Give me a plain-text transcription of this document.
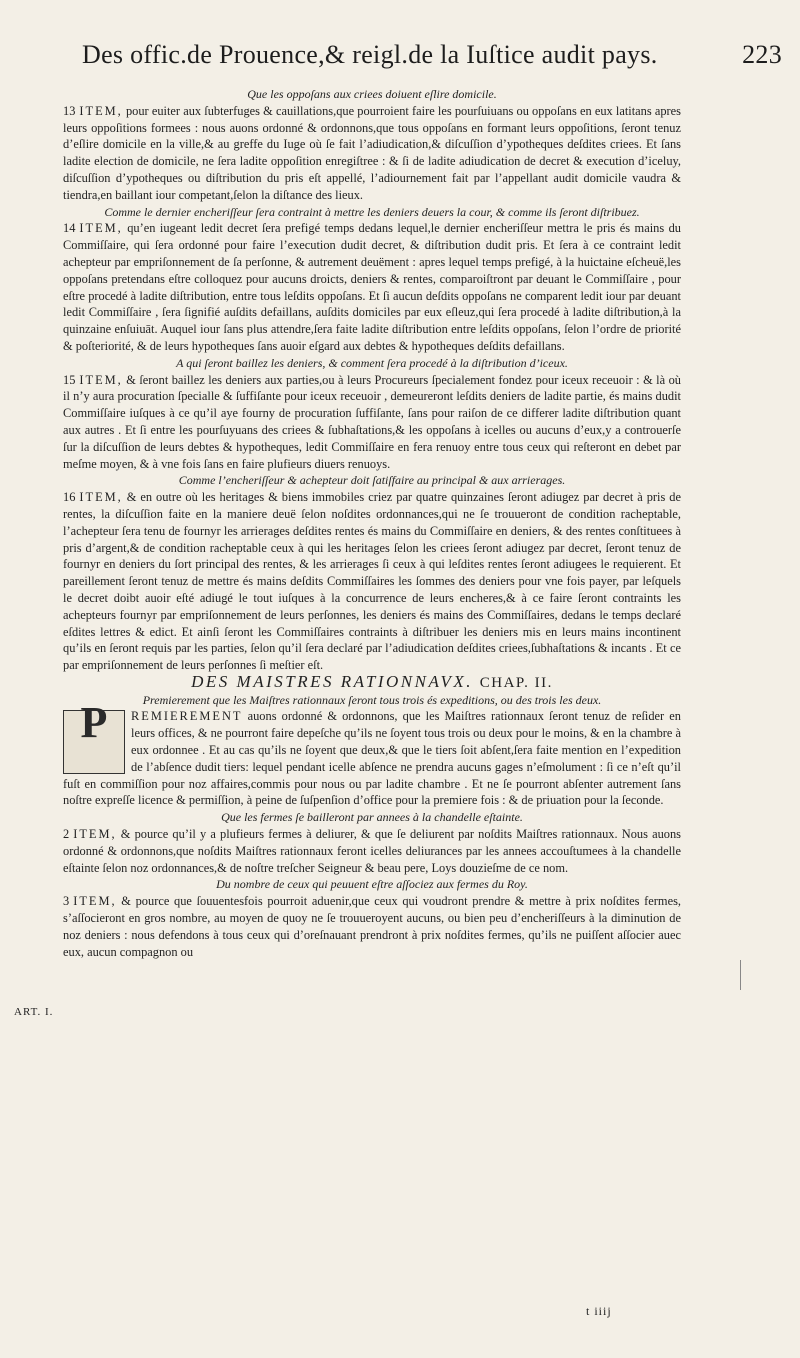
Des offic.de Prouence,& reigl.de la Iuſtice audit pays.	223
ART. I.

Que les oppoſans aux criees doiuent eſlire domicile.

13 ITEM, pour euiter aux ſubterfuges & cauillations,que pourroient faire les pourſuiuans ou oppoſans en eux latitans apres leurs oppoſitions formees : nous auons ordonné & ordonnons,que tous oppoſans en formant leurs oppoſitions, ſeront tenuz d’eſlire domicile en la ville,& au greffe du Iuge où ſe fait l’adiudication,& diſcuſſion d’ypotheques deſdites criees. Et ſans ladite election de domicile, ne ſera ladite oppoſition enregiſtree : & ſi de ladite adiudication de decret & execution d’iceluy, diſcuſſion d’ypotheques ou diſtribution du pris eſt appellé, l’adiournement fait par l’appellant audit domicile vaudra & tiendra,en baillant iour competant,ſelon la diſtance des lieux.

Comme le dernier encheriſſeur ſera contraint à mettre les deniers deuers la cour, & comme ils ſeront diſtribuez.

14 ITEM, qu’en iugeant ledit decret ſera prefigé temps dedans lequel,le dernier encheriſſeur mettra le pris és mains du Commiſſaire, qui ſera ordonné pour faire l’execution dudit decret, & diſtribution dudit pris. Et ſera à ce contraint ledit achepteur par empriſonnement de ſa perſonne, & autrement deuëment : apres lequel temps prefigé, à la huictaine eſcheuë,les oppoſans pretendans eſtre colloquez pour aucuns droicts, deniers & rentes, comparoiſtront par deuant le Commiſſaire , pour eſtre procedé à ladite diſtribution, entre tous leſdits oppoſans. Et ſi aucun deſdits oppoſans ne comparent ledit iour par deuant ledit Commiſſaire , ſera ſignifié auſdits defaillans, auſdits domiciles par eux eſleuz,qui ſera procedé à ladite diſtribution,à la quinzaine enſuiuāt. Auquel iour ſans plus attendre,ſera faite ladite diſtribution entre leſdits oppoſans, ſelon l’ordre de priorité & poſteriorité, & de leurs hypotheques ſans auoir eſgard aux debtes & hypotheques deſdits defaillans.

A qui ſeront baillez les deniers, & comment ſera procedé à la diſtribution d’iceux.

15 ITEM, & ſeront baillez les deniers aux parties,ou à leurs Procureurs ſpecialement fondez pour iceux receuoir : & là où il n’y aura procuration ſpecialle & ſuffiſante pour iceux receuoir , demeureront leſdits deniers de ladite partie, és mains dudit Commiſſaire iuſques à ce qu’il aye fourny de procuration ſuffiſante, ſans pour raiſon de ce differer ladite diſtribution quant aux autres . Et ſi entre les pourſuyuans des criees & ſubhaſtations,& les oppoſans à icelles ou aucuns d’eux,y a controuerſe ſur la diſcuſſion de leurs debtes & hypotheques, ledit Commiſſaire en fera renuoy entre tous ceux qui reſteront en debet par meſme moyen, & à vne fois ſans en faire plufieurs diuers renuoys.

Comme l’encheriſſeur & achepteur doit ſatiſfaire au principal & aux arrierages.

16 ITEM, & en outre où les heritages & biens immobiles criez par quatre quinzaines ſeront adiugez par decret à pris de rentes, la diſcuſſion faite en la maniere deuë ſelon noſdites ordonnances,qui ne ſe trouueront de condition racheptable, l’achepteur ſera tenu de fournyr les arrierages deſdites rentes és mains du Commiſſaire en deniers, & des rentes conſtituees à pris d’argent,& de condition racheptable ceux à qui les heritages ſelon les criees ſeront adiugez par decret, ſeront tenuz de fournyr en deniers du ſort principal des rentes, & les arrierages ſi ceux à qui leſdites rentes ſeront adiugees le requierent. Et pareillement ſeront tenuz de mettre és mains deſdits Commiſſaires les ſommes des deniers pour vne fois payer, par leſquels le decret doibt auoir eſté adiugé le tout iuſques à la concurrence de leurs encheres,& à ce faire ſeront contraints les achepteurs fournyr par empriſonnement de leurs perſonnes, les deniers és mains des Commiſſaires, dedans le temps declaré eſdites lettres & edict. Et ainſi ſeront les Commiſſaires contraints à diſtribuer les deniers mis en leurs mains incontinent qu’ils en ſeront requis par les parties, ſelon qu’il ſera declaré par l’adiudication deſdites criees,ſubhaſtations & incants . Et ce par empriſonnement de leurs perſonnes ſi meſtier eſt.

DES MAISTRES RATIONNAVX. CHAP. II.

Premierement que les Maiſtres rationnaux ſeront tous trois és expeditions, ou des trois les deux.

P	REMIEREMENT auons ordonné & ordonnons, que les Maiſtres rationnaux ſeront tenuz de reſider en leurs offices, & ne pourront faire depeſche qu’ils ne ſoyent tous trois ou deux pour le moins, & en la chambre à eux ordonnee . Et au cas qu’ils ne ſoyent que deux,& que le tiers ſoit abſent,ſera faite mention en l’expedition de l’abſence dudit tiers: lequel pendant icelle abſence ne prendra aucuns gages n’eſmolument : ſi ce n’eſt qu’il fuſt en commiſſion pour noz affaires,commis pour nous ou par ladite chambre . Et ne ſe pourront abſenter autrement ſans noſtre expreſſe licence & permiſſion, à peine de ſuſpenſion d’office pour la premiere fois : & de priuation pour la ſeconde.

Que les fermes ſe bailleront par annees à la chandelle eſtainte.

2 ITEM, & pource qu’il y a plufieurs fermes à deliurer, & que ſe deliurent par noſdits Maiſtres rationnaux. Nous auons ordonné & ordonnons,que noſdits Maiſtres rationnaux feront icelles deliurances par les annees accouſtumees à la chandelle eſtainte ſelon noz ordonnances,& de noſtre treſcher Seigneur & beau pere, Loys douzieſme de ce nom.

Du nombre de ceux qui peuuent eſtre aſſociez aux fermes du Roy.

3 ITEM, & pource que ſouuentesfois pourroit aduenir,que ceux qui voudront prendre & mettre à prix noſdites fermes, s’aſſocieront en gros nombre, au moyen de quoy ne ſe trouueroyent aucuns, ou bien peu d’encheriſſeurs à la diminution de noz deniers : nous defendons à tous ceux qui d’oreſnauant prendront à prix noſdites fermes, qu’ils ne puiſſent aſſocier auec eux, aucun compagnon ou

t iiij
